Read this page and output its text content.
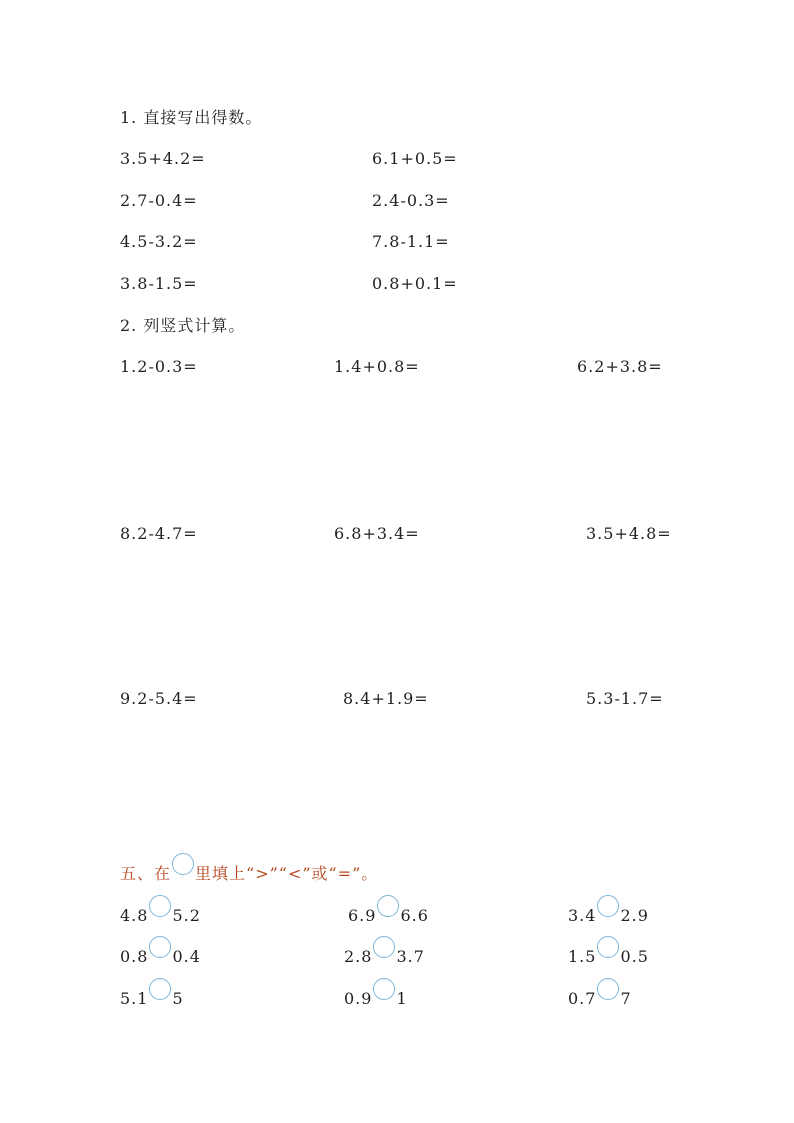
1. 直接写出得数。
3.5+4.2=	6.1+0.5=
2.7-0.4=	2.4-0.3=
4.5-3.2=	7.8-1.1=
3.8-1.5=	0.8+0.1=
2. 列竖式计算。
1.2-0.3=	1.4+0.8=	6.2+3.8=
8.2-4.7=	6.8+3.4=	3.5+4.8=
9.2-5.4=	8.4+1.9=	5.3-1.7=
五、在 里填上“>”“<”或“=”。
4.8 5.2	6.9 6.6	3.4 2.9
0.8 0.4	2.8 3.7	1.5 0.5
5.1 5	0.9 1	0.7 7
